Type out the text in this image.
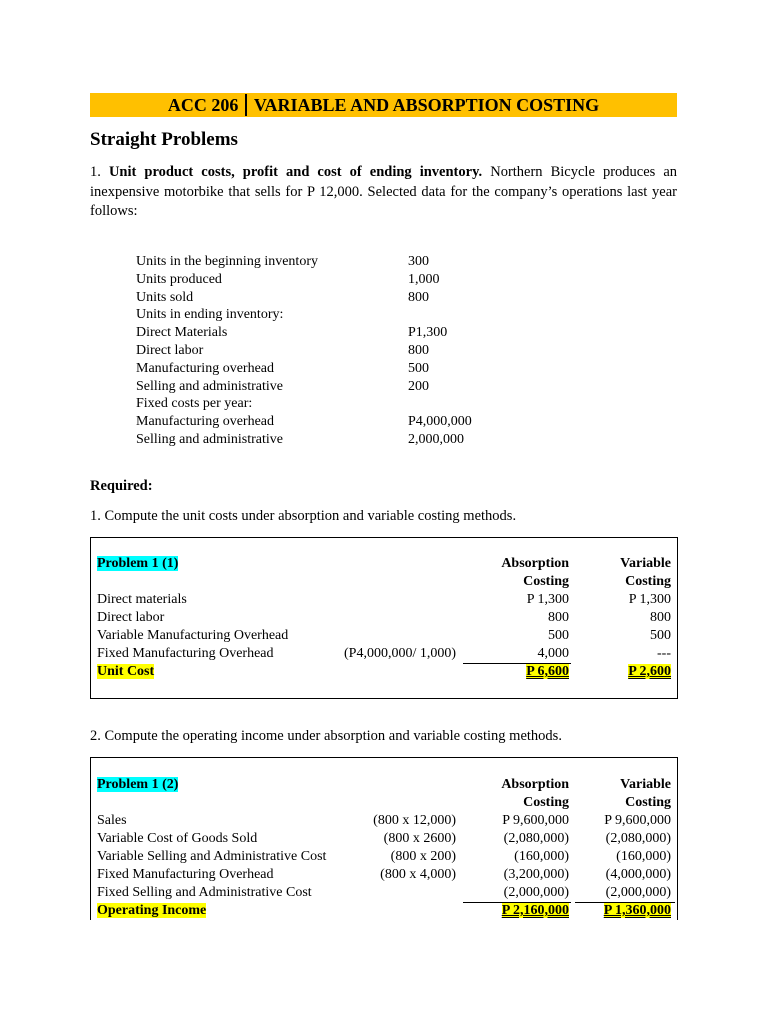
ACC 206 VARIABLE AND ABSORPTION COSTING
Straight Problems
1. Unit product costs, profit and cost of ending inventory. Northern Bicycle produces an inexpensive motorbike that sells for P 12,000. Selected data for the company’s operations last year follows:
Units in the beginning inventory	300
Units produced	1,000
Units sold	800
Units in ending inventory:
Direct Materials	P1,300
Direct labor	800
Manufacturing overhead	500
Selling and administrative	200
Fixed costs per year:
Manufacturing overhead	P4,000,000
Selling and administrative	2,000,000
Required:
1. Compute the unit costs under absorption and variable costing methods.
Problem 1 (1)	Absorption	Variable
Costing	Costing
Direct materials	P 1,300	P 1,300
Direct labor	800	800
Variable Manufacturing Overhead	500	500
Fixed Manufacturing Overhead	(P4,000,000/ 1,000)	4,000	---
Unit Cost	P 6,600	P 2,600
2. Compute the operating income under absorption and variable costing methods.
Problem 1 (2)	Absorption	Variable
Costing	Costing
Sales	(800 x 12,000)	P 9,600,000	P 9,600,000
Variable Cost of Goods Sold	(800 x 2600)	(2,080,000)	(2,080,000)
Variable Selling and Administrative Cost	(800 x 200)	(160,000)	(160,000)
Fixed Manufacturing Overhead	(800 x 4,000)	(3,200,000)	(4,000,000)
Fixed Selling and Administrative Cost	(2,000,000)	(2,000,000)
Operating Income	P 2,160,000 P 1,360,000
